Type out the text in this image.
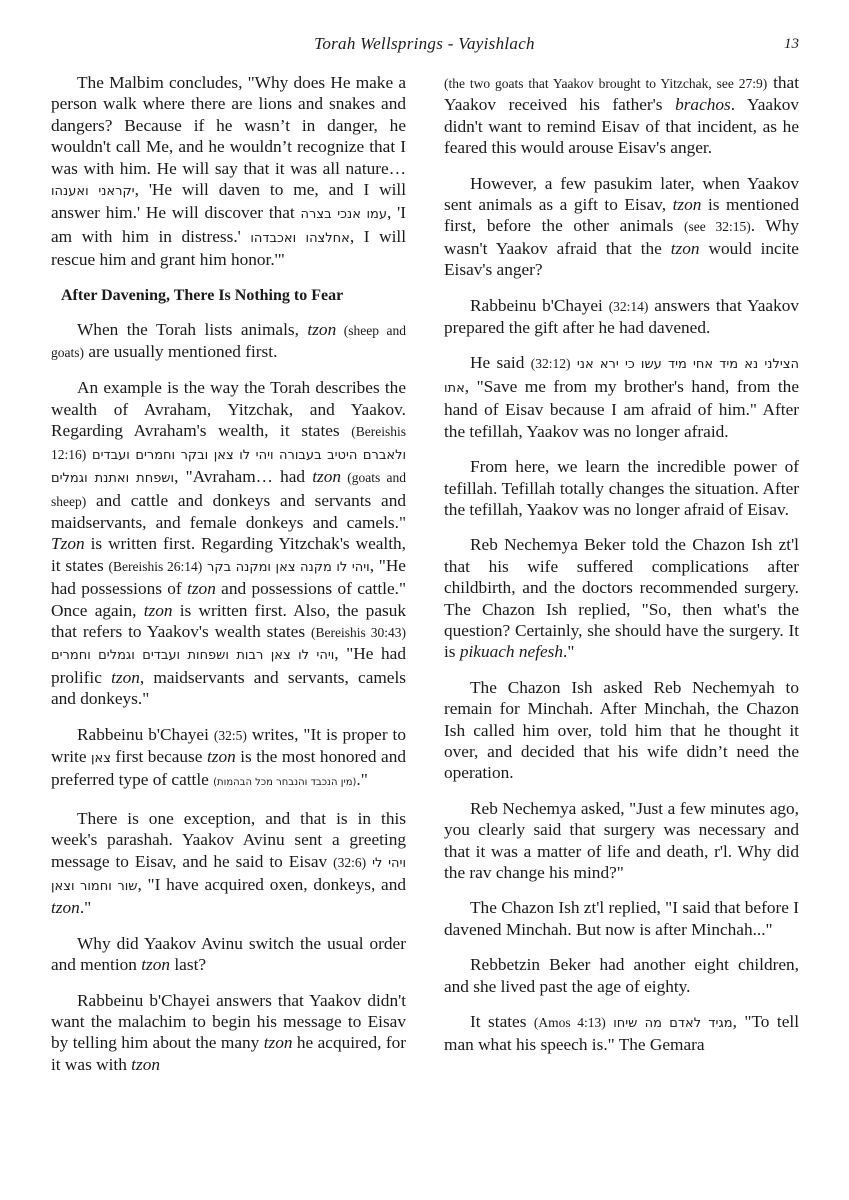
Torah Wellsprings - Vayishlach	13

The Malbim concludes, "Why does He make a person walk where there are lions and snakes and dangers? Because if he wasn’t in danger, he wouldn't call Me, and he wouldn’t recognize that I was with him. He will say that it was all nature… יקראני ואענהו, 'He will daven to me, and I will answer him.' He will discover that עמו אנכי בצרה, 'I am with him in distress.' אחלצהו ואכבדהו, I will rescue him and grant him honor.'"

After Davening, There Is Nothing to Fear

When the Torah lists animals, tzon (sheep and goats) are usually mentioned first.

An example is the way the Torah describes the wealth of Avraham, Yitzchak, and Yaakov. Regarding Avraham's wealth, it states (Bereishis 12:16) ולאברם היטיב בעבורה ויהי לו צאן ובקר וחמרים ועבדים ושפחת ואתנת וגמלים, "Avraham… had tzon (goats and sheep) and cattle and donkeys and servants and maidservants, and female donkeys and camels." Tzon is written first. Regarding Yitzchak's wealth, it states (Bereishis 26:14) ויהי לו מקנה צאן ומקנה בקר, "He had possessions of tzon and possessions of cattle." Once again, tzon is written first. Also, the pasuk that refers to Yaakov's wealth states (Bereishis 30:43) ויהי לו צאן רבות ושפחות ועבדים וגמלים וחמרים, "He had prolific tzon, maidservants and servants, camels and donkeys."

Rabbeinu b'Chayei (32:5) writes, "It is proper to write צאן first because tzon is the most honored and preferred type of cattle (מין הנכבד והנבחר מכל הבהמות)."

There is one exception, and that is in this week's parashah. Yaakov Avinu sent a greeting message to Eisav, and he said to Eisav (32:6) ויהי לי שור וחמור וצאן, "I have acquired oxen, donkeys, and tzon."

Why did Yaakov Avinu switch the usual order and mention tzon last?

Rabbeinu b'Chayei answers that Yaakov didn't want the malachim to begin his message to Eisav by telling him about the many tzon he acquired, for it was with tzon

(the two goats that Yaakov brought to Yitzchak, see 27:9) that Yaakov received his father's brachos. Yaakov didn't want to remind Eisav of that incident, as he feared this would arouse Eisav's anger.

However, a few pasukim later, when Yaakov sent animals as a gift to Eisav, tzon is mentioned first, before the other animals (see 32:15). Why wasn't Yaakov afraid that the tzon would incite Eisav's anger?

Rabbeinu b'Chayei (32:14) answers that Yaakov prepared the gift after he had davened.

He said (32:12) הצילני נא מיד אחי מיד עשו כי ירא אני אתו, "Save me from my brother's hand, from the hand of Eisav because I am afraid of him." After the tefillah, Yaakov was no longer afraid.

From here, we learn the incredible power of tefillah. Tefillah totally changes the situation. After the tefillah, Yaakov was no longer afraid of Eisav.

Reb Nechemya Beker told the Chazon Ish zt'l that his wife suffered complications after childbirth, and the doctors recommended surgery. The Chazon Ish replied, "So, then what's the question? Certainly, she should have the surgery. It is pikuach nefesh."

The Chazon Ish asked Reb Nechemyah to remain for Minchah. After Minchah, the Chazon Ish called him over, told him that he thought it over, and decided that his wife didn’t need the operation.

Reb Nechemya asked, "Just a few minutes ago, you clearly said that surgery was necessary and that it was a matter of life and death, r'l. Why did the rav change his mind?"

The Chazon Ish zt'l replied, "I said that before I davened Minchah. But now is after Minchah..."

Rebbetzin Beker had another eight children, and she lived past the age of eighty.

It states (Amos 4:13) מגיד לאדם מה שיחו, "To tell man what his speech is." The Gemara
